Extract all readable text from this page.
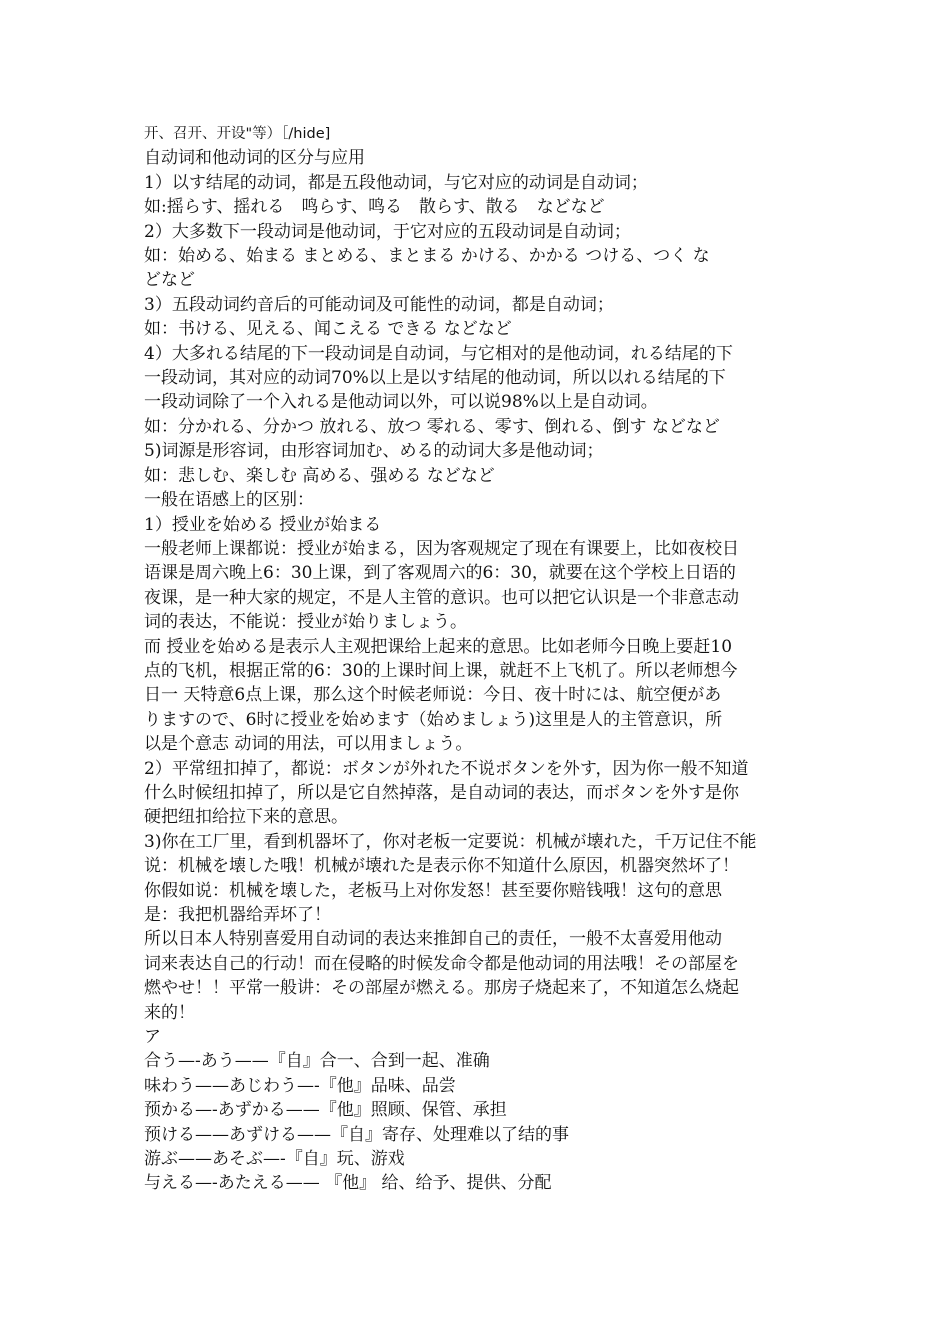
开、召开、开设"等）［/hide]
自动词和他动词的区分与应用
1）以す结尾的动词，都是五段他动词，与它对应的动词是自动词；
如:摇らす、摇れる　鸣らす、鸣る　散らす、散る　などなど
2）大多数下一段动词是他动词，于它对应的五段动词是自动词；
如：始める、始まる まとめる、まとまる かける、かかる つける、つく な
どなど
3）五段动词约音后的可能动词及可能性的动词，都是自动词；
如：书ける、见える、闻こえる できる などなど
4）大多れる结尾的下一段动词是自动词，与它相对的是他动词，れる结尾的下
一段动词，其对应的动词70%以上是以す结尾的他动词，所以以れる结尾的下
一段动词除了一个入れる是他动词以外，可以说98%以上是自动词。
如：分かれる、分かつ 放れる、放つ 零れる、零す、倒れる、倒す などなど
5)词源是形容词，由形容词加む、める的动词大多是他动词；
如：悲しむ、楽しむ 高める、强める などなど
一般在语感上的区别：
1）授业を始める 授业が始まる
一般老师上课都说：授业が始まる，因为客观规定了现在有课要上，比如夜校日
语课是周六晚上6：30上课，到了客观周六的6：30，就要在这个学校上日语的
夜课，是一种大家的规定，不是人主管的意识。也可以把它认识是一个非意志动
词的表达，不能说：授业が始りましょう。
而 授业を始める是表示人主观把课给上起来的意思。比如老师今日晚上要赶10
点的飞机，根据正常的6：30的上课时间上课，就赶不上飞机了。所以老师想今
日一 天特意6点上课，那么这个时候老师说：今日、夜十时には、航空便があ
りますので、6时に授业を始めます（始めましょう)这里是人的主管意识，所
以是个意志 动词的用法，可以用ましょう。
2）平常纽扣掉了，都说：ボタンが外れた不说ボタンを外す，因为你一般不知道
什么时候纽扣掉了，所以是它自然掉落，是自动词的表达，而ボタンを外す是你
硬把纽扣给拉下来的意思。
3)你在工厂里，看到机器坏了，你对老板一定要说：机械が壊れた，千万记住不能
说：机械を壊した哦！机械が壊れた是表示你不知道什么原因，机器突然坏了！
你假如说：机械を壊した，老板马上对你发怒！甚至要你赔钱哦！这句的意思
是：我把机器给弄坏了！
所以日本人特别喜爱用自动词的表达来推卸自己的责任，一般不太喜爱用他动
词来表达自己的行动！而在侵略的时候发命令都是他动词的用法哦！その部屋を
燃やせ！！平常一般讲：その部屋が燃える。那房子烧起来了，不知道怎么烧起
来的！
ア
合う—-あう——『自』合一、合到一起、准确
味わう——あじわう—-『他』品味、品尝
预かる—-あずかる——『他』照顾、保管、承担
预ける——あずける——『自』寄存、处理难以了结的事
游ぶ——あそぶ—-『自』玩、游戏
与える—-あたえる—— 『他』 给、给予、提供、分配
